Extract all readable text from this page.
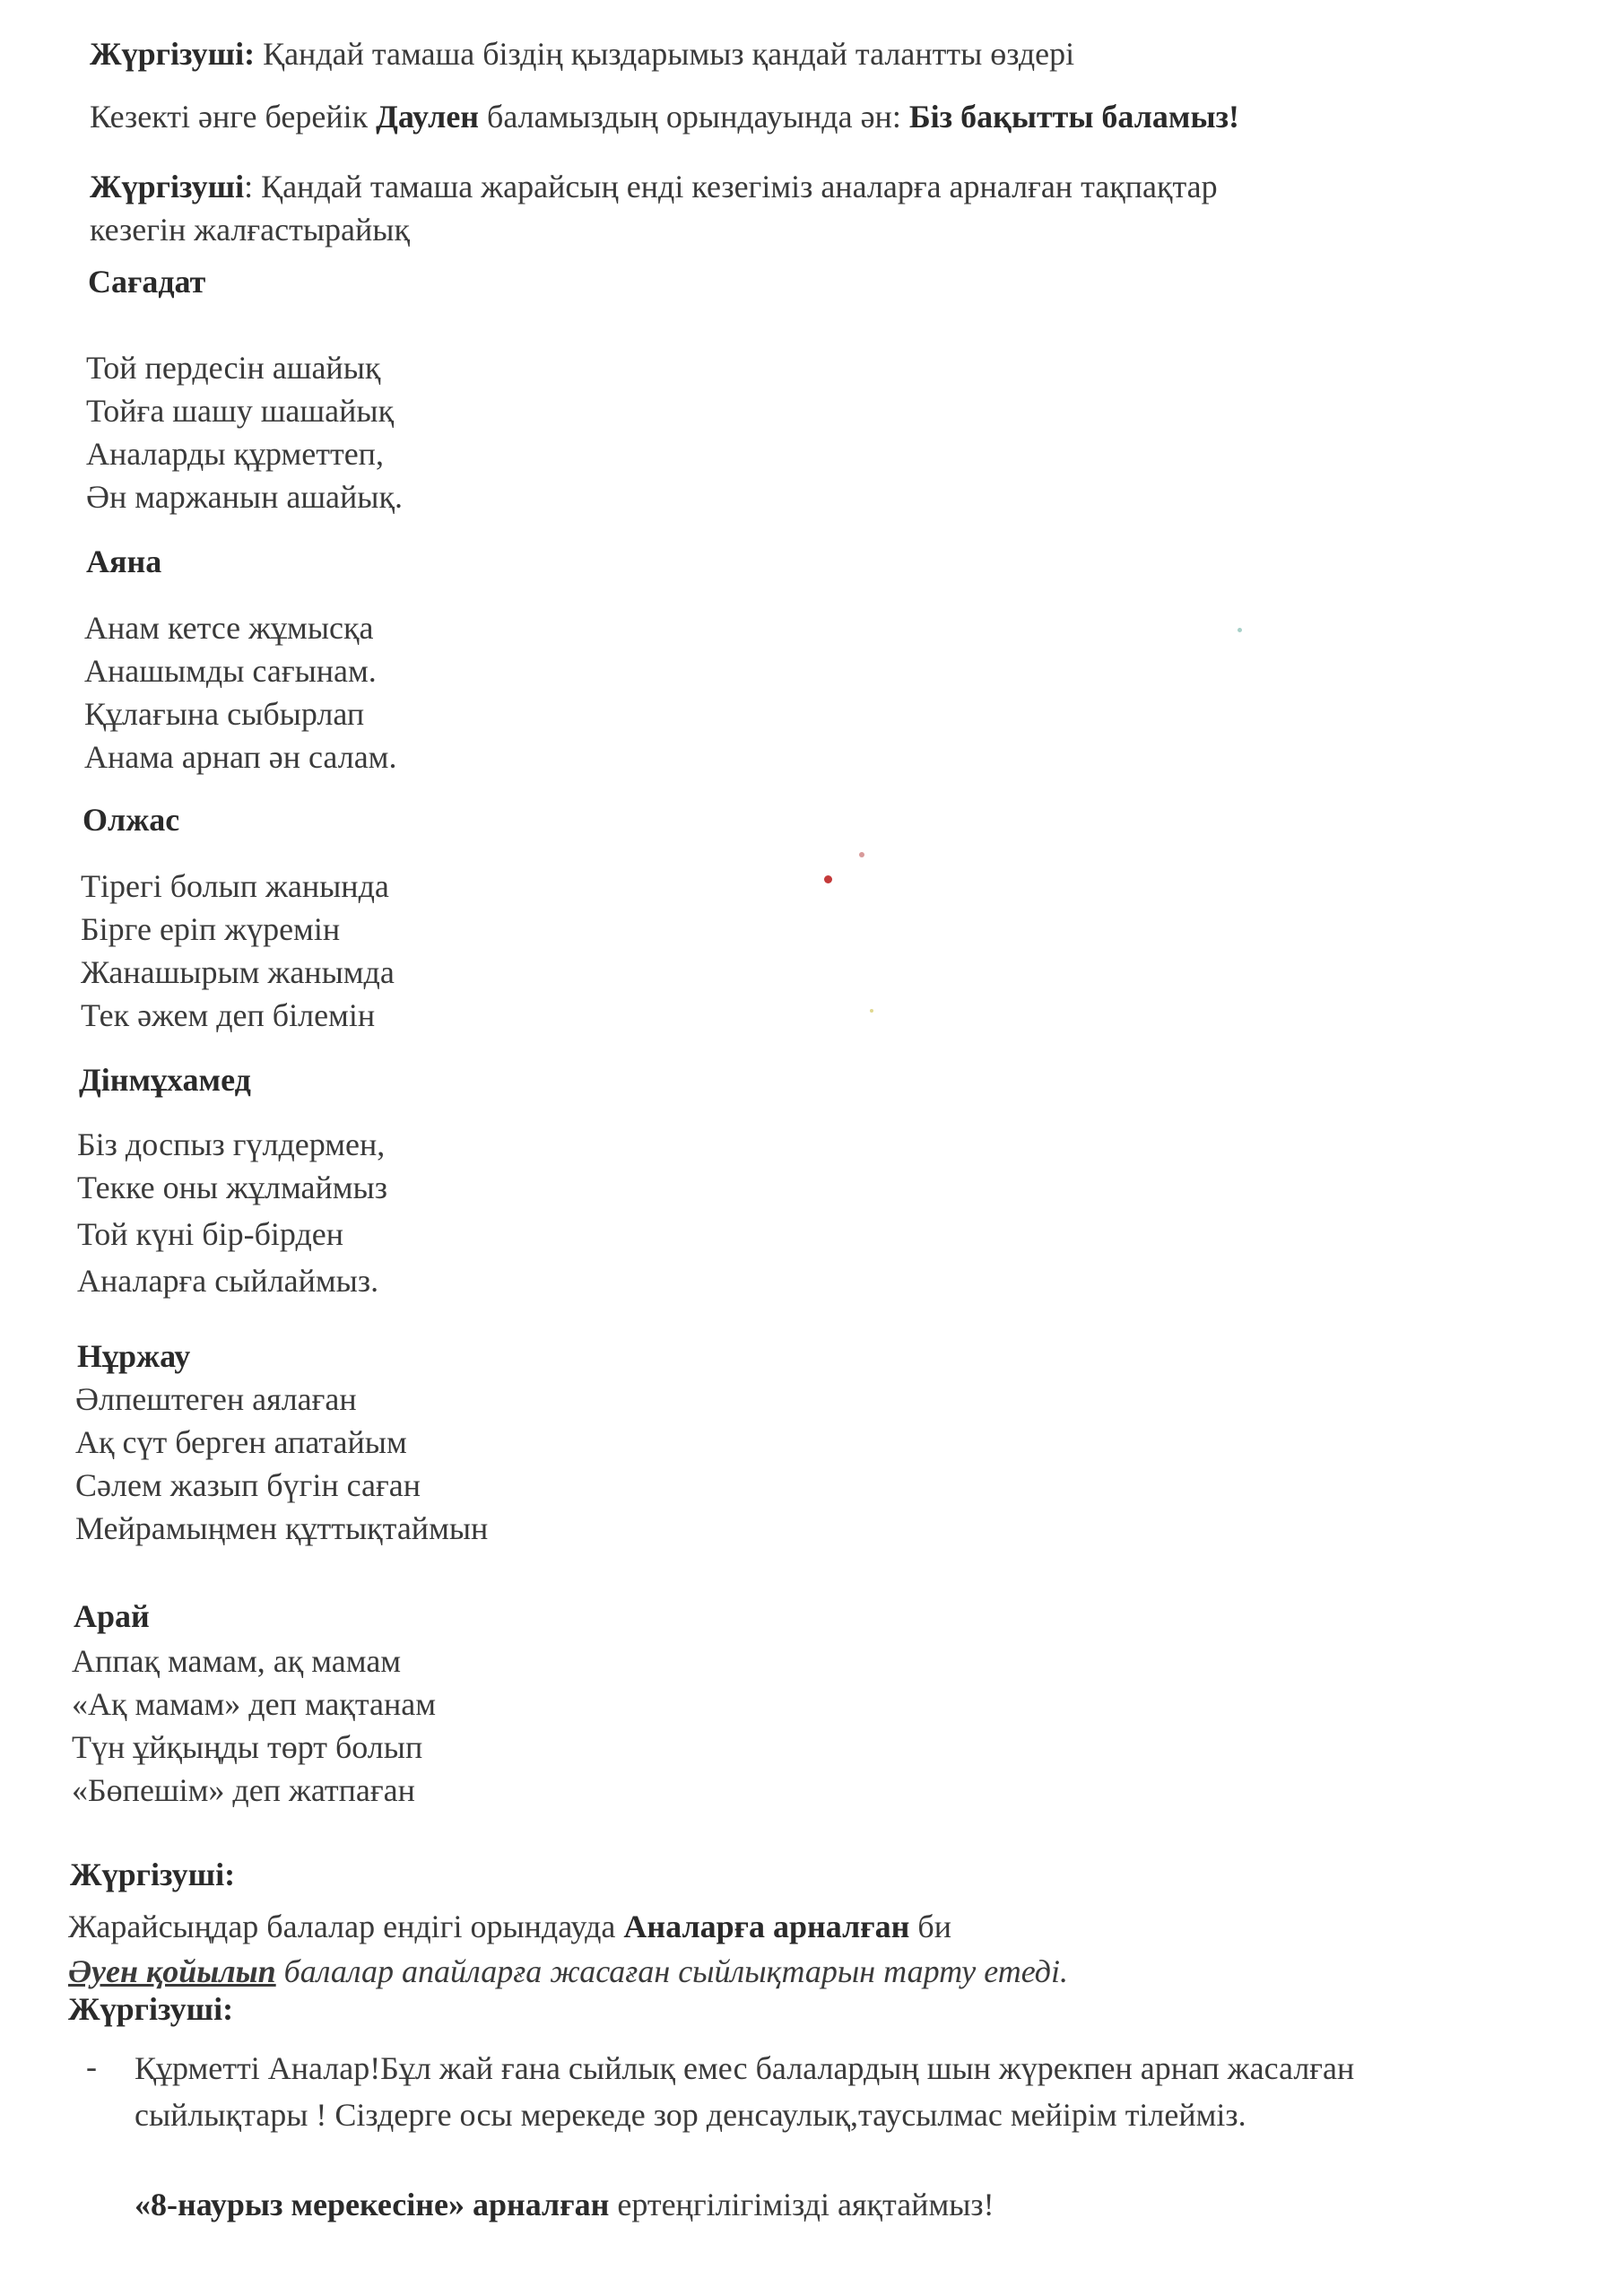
Жүргізуші: Қандай тамаша біздің қыздарымыз қандай талантты өздері
Кезекті әнге берейік Даулен баламыздың орындауында ән: Біз бақытты баламыз!
Жүргізуші: Қандай тамаша жарайсың енді кезегіміз аналарға арналған тақпақтар
кезегін жалғастырайық
Сағадат
Той пердесін ашайық
Тойға шашу шашайық
Аналарды құрметтеп,
Ән маржанын ашайық.
Аяна
Анам кетсе жұмысқа
Анашымды сағынам.
Құлағына сыбырлап
Анама арнап ән салам.
Олжас
Тірегі болып жанында
Бірге еріп жүремін
Жанашырым жанымда
Тек әжем деп білемін
Дінмұхамед
Біз доспыз гүлдермен,
Текке оны жұлмаймыз
Той күні бір-бірден
Аналарға сыйлаймыз.
Нұржау
Әлпештеген аялаған
Ақ сүт берген апатайым
Сәлем жазып бүгін саған
Мейрамыңмен құттықтаймын
Арай
Аппақ мамам, ақ мамам
«Ақ мамам» деп мақтанам
Түн ұйқыңды төрт болып
«Бөпешім» деп жатпаған
Жүргізуші:
Жарайсыңдар балалар ендігі орындауда Аналарға арналған би
Әуен қойылып балалар апайларға жасаған сыйлықтарын тарту етеді.
Жүргізуші:
- Құрметті Аналар!Бұл жай ғана сыйлық емес балалардың шын жүрекпен арнап жасалған сыйлықтары ! Сіздерге осы мерекеде зор денсаулық,таусылмас мейірім тілейміз.
«8-наурыз мерекесіне» арналған ертеңгілігімізді аяқтаймыз!
